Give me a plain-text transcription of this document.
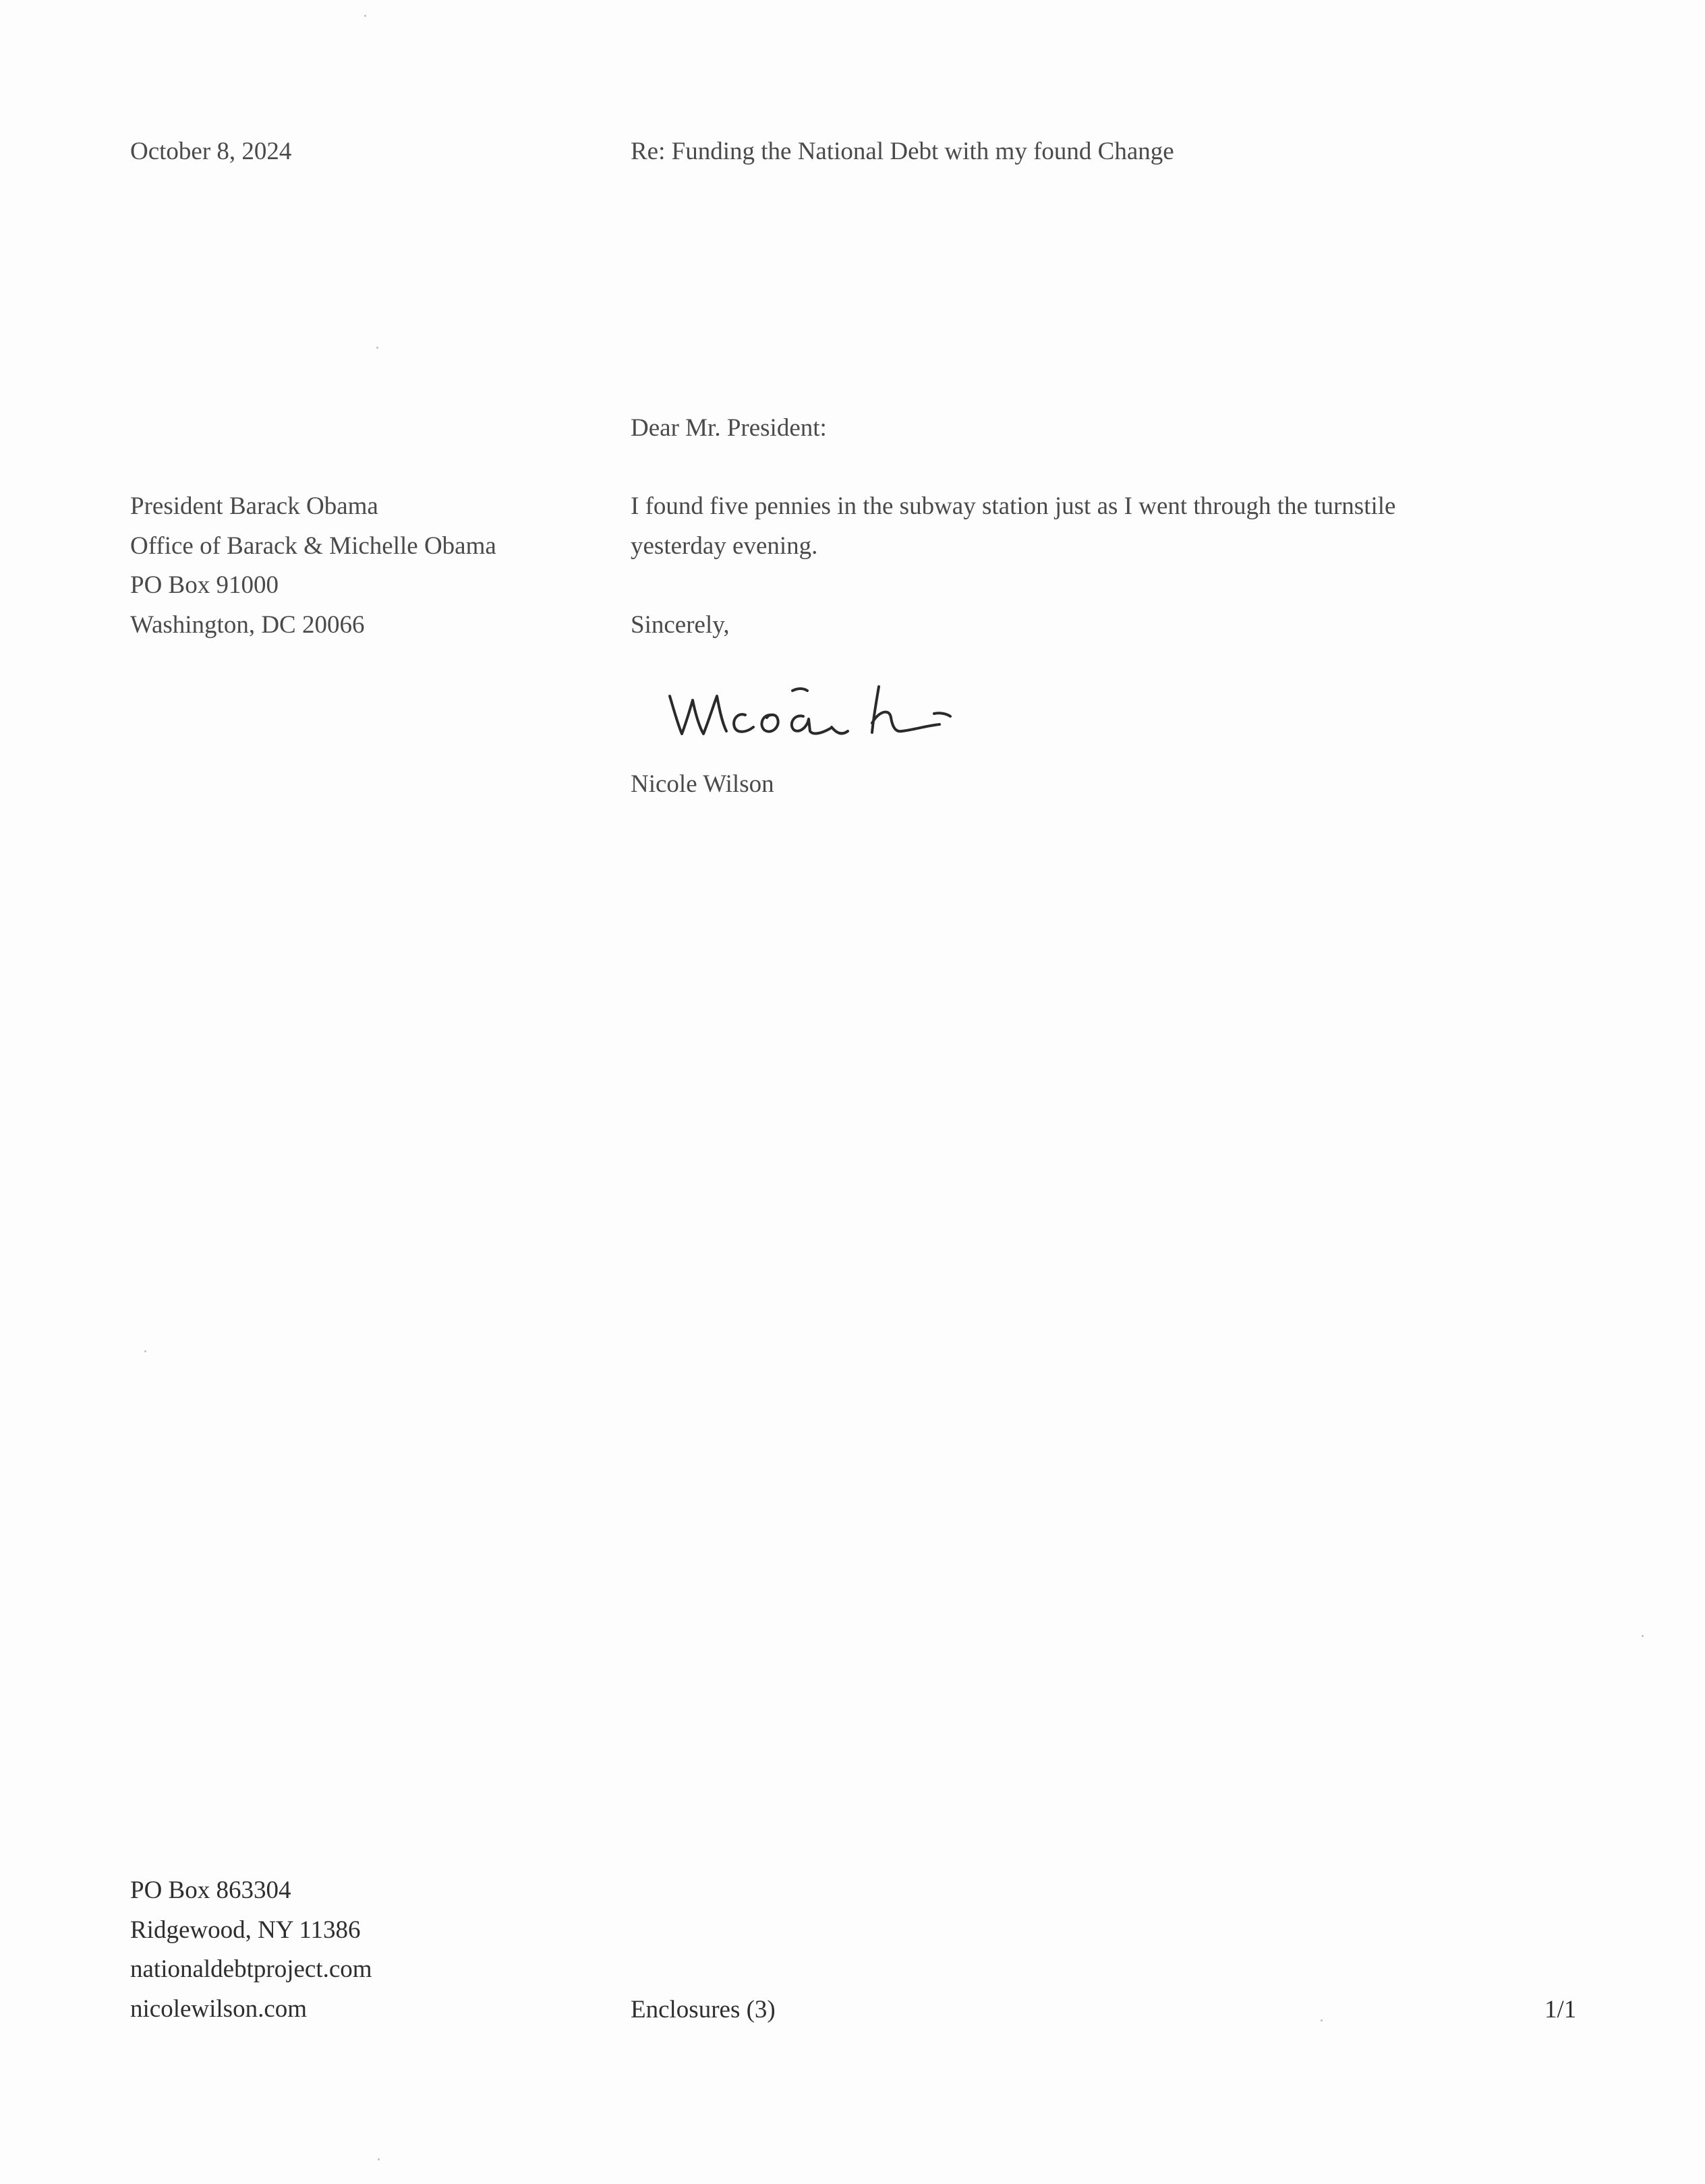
October 8, 2024	Re: Funding the National Debt with my found Change

Dear Mr. President:

President Barack Obama
Office of Barack & Michelle Obama
PO Box 91000
Washington, DC 20066
I found five pennies in the subway station just as I went through the turnstile
yesterday evening.

Sincerely,

Nicole Wilson

PO Box 863304
Ridgewood, NY 11386
nationaldebtproject.com
nicolewilson.com	Enclosures (3)	1/1
